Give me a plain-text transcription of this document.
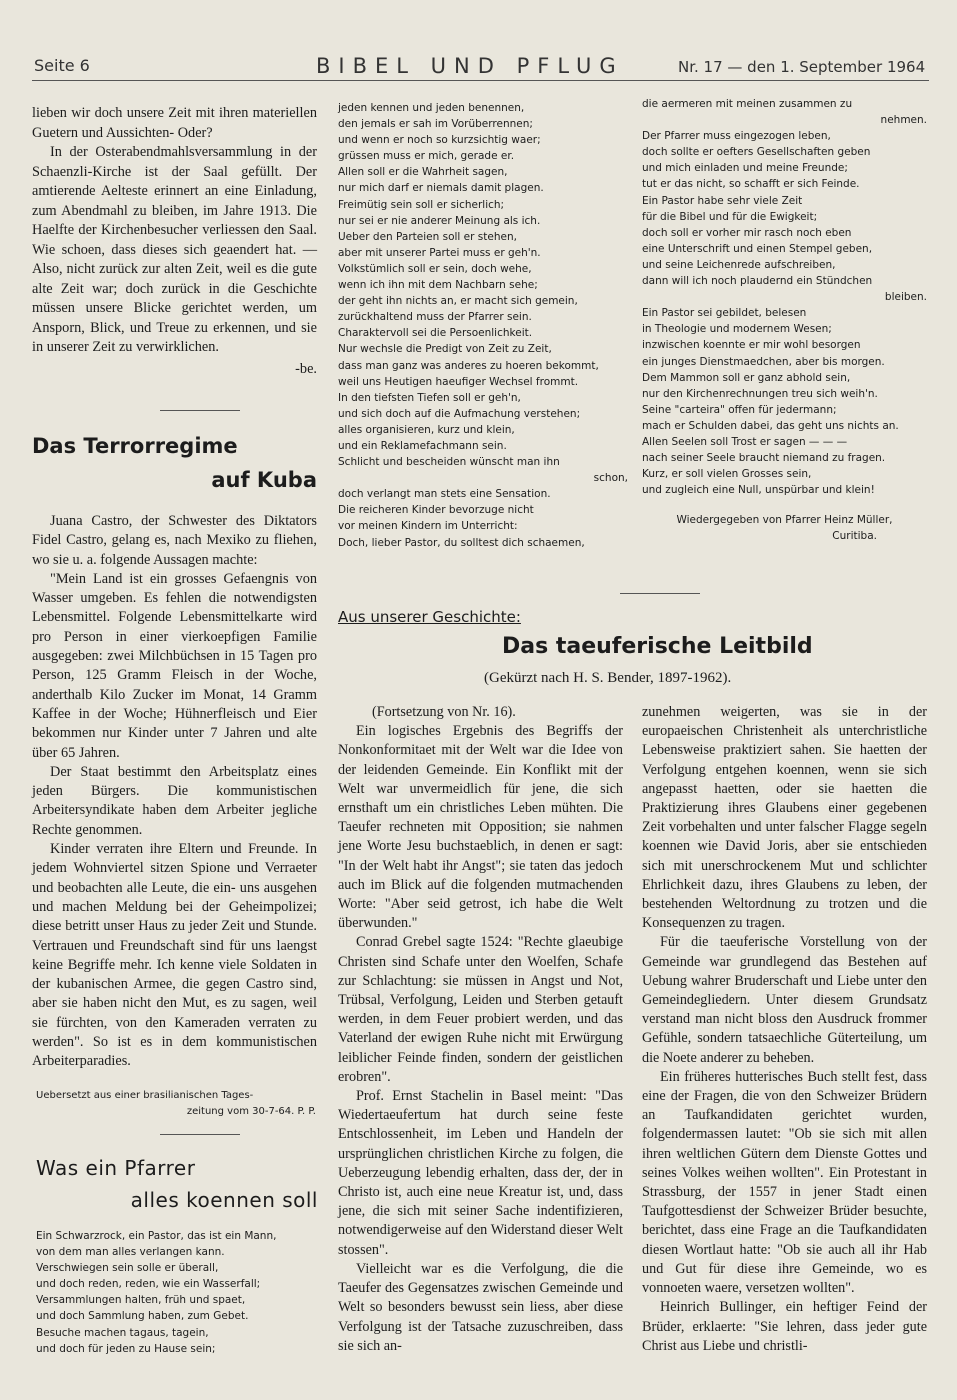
Seite 6	BIBEL UND PFLUG	Nr. 17 — den 1. September 1964

lieben wir doch unsere Zeit mit ihren materiellen Guetern und Aussichten- Oder?

In der Osterabendmahlsversammlung in der Schaenzli-Kirche ist der Saal gefüllt. Der amtierende Aelteste erinnert an eine Einladung, zum Abendmahl zu bleiben, im Jahre 1913. Die Haelfte der Kirchenbesucher verliessen den Saal. Wie schoen, dass dieses sich geaendert hat. — Also, nicht zurück zur alten Zeit, weil es die gute alte Zeit war; doch zurück in die Geschichte müssen unsere Blicke gerichtet werden, um Ansporn, Blick, und Treue zu erkennen, und sie in unserer Zeit zu verwirklichen.

-be.

Das Terrorregime

auf Kuba

Juana Castro, der Schwester des Diktators Fidel Castro, gelang es, nach Mexiko zu fliehen, wo sie u. a. folgende Aussagen machte:

"Mein Land ist ein grosses Gefaengnis von Wasser umgeben. Es fehlen die notwendigsten Lebensmittel. Folgende Lebensmittelkarte wird pro Person in einer vierkoepfigen Familie ausgegeben: zwei Milchbüchsen in 15 Tagen pro Person, 125 Gramm Fleisch in der Woche, anderthalb Kilo Zucker im Monat, 14 Gramm Kaffee in der Woche; Hühnerfleisch und Eier bekommen nur Kinder unter 7 Jahren und alte über 65 Jahren.

Der Staat bestimmt den Arbeitsplatz eines jeden Bürgers. Die kommunistischen Arbeitersyndikate haben dem Arbeiter jegliche Rechte genommen.

Kinder verraten ihre Eltern und Freunde. In jedem Wohnviertel sitzen Spione und Verraeter und beobachten alle Leute, die ein- uns ausgehen und machen Meldung bei der Geheimpolizei; diese betritt unser Haus zu jeder Zeit und Stunde. Vertrauen und Freundschaft sind für uns laengst keine Begriffe mehr. Ich kenne viele Soldaten in der kubanischen Armee, die gegen Castro sind, aber sie haben nicht den Mut, es zu sagen, weil sie fürchten, von den Kameraden verraten zu werden". So ist es in dem kommunistischen Arbeiterparadies.

Uebersetzt aus einer brasilianischen Tages-

zeitung vom 30-7-64. P. P.

Was ein Pfarrer

alles koennen soll

Ein Schwarzrock, ein Pastor, das ist ein Mann,

von dem man alles verlangen kann.

Verschwiegen sein solle er überall,

und doch reden, reden, wie ein Wasserfall;

Versammlungen halten, früh und spaet,

und doch Sammlung haben, zum Gebet.

Besuche machen tagaus, tagein,

und doch für jeden zu Hause sein;

jeden kennen und jeden benennen,

den jemals er sah im Vorüberrennen;

und wenn er noch so kurzsichtig waer;

grüssen muss er mich, gerade er.

Allen soll er die Wahrheit sagen,

nur mich darf er niemals damit plagen.

Freimütig sein soll er sicherlich;

nur sei er nie anderer Meinung als ich.

Ueber den Parteien soll er stehen,

aber mit unserer Partei muss er geh'n.

Volkstümlich soll er sein, doch wehe,

wenn ich ihn mit dem Nachbarn sehe;

der geht ihn nichts an, er macht sich gemein,

zurückhaltend muss der Pfarrer sein.

Charaktervoll sei die Persoenlichkeit.

Nur wechsle die Predigt von Zeit zu Zeit,

dass man ganz was anderes zu hoeren bekommt,

weil uns Heutigen haeufiger Wechsel frommt.

In den tiefsten Tiefen soll er geh'n,

und sich doch auf die Aufmachung verstehen;

alles organisieren, kurz und klein,

und ein Reklamefachmann sein.

Schlicht und bescheiden wünscht man ihn

schon,

doch verlangt man stets eine Sensation.

Die reicheren Kinder bevorzuge nicht

vor meinen Kindern im Unterricht:

Doch, lieber Pastor, du solltest dich schaemen,

die aermeren mit meinen zusammen zu

nehmen.

Der Pfarrer muss eingezogen leben,

doch sollte er oefters Gesellschaften geben

und mich einladen und meine Freunde;

tut er das nicht, so schafft er sich Feinde.

Ein Pastor habe sehr viele Zeit

für die Bibel und für die Ewigkeit;

doch soll er vorher mir rasch noch eben

eine Unterschrift und einen Stempel geben,

und seine Leichenrede aufschreiben,

dann will ich noch plaudernd ein Stündchen

bleiben.

Ein Pastor sei gebildet, belesen

in Theologie und modernem Wesen;

inzwischen koennte er mir wohl besorgen

ein junges Dienstmaedchen, aber bis morgen.

Dem Mammon soll er ganz abhold sein,

nur den Kirchenrechnungen treu sich weih'n.

Seine "carteira" offen für jedermann;

mach er Schulden dabei, das geht uns nichts an.

Allen Seelen soll Trost er sagen — — —

nach seiner Seele braucht niemand zu fragen.

Kurz, er soll vielen Grosses sein,

und zugleich eine Null, unspürbar und klein!

Wiedergegeben von Pfarrer Heinz Müller,

Curitiba.

Aus unserer Geschichte:
Das taeuferische Leitbild
(Gekürzt nach H. S. Bender, 1897-1962).

(Fortsetzung von Nr. 16).

Ein logisches Ergebnis des Begriffs der Nonkonformitaet mit der Welt war die Idee von der leidenden Gemeinde. Ein Konflikt mit der Welt war unvermeidlich für jene, die sich ernsthaft um ein christliches Leben mühten. Die Taeufer rechneten mit Opposition; sie nahmen jene Worte Jesu buchstaeblich, in denen er sagt: "In der Welt habt ihr Angst"; sie taten das jedoch auch im Blick auf die folgenden mutmachenden Worte: "Aber seid getrost, ich habe die Welt überwunden."

Conrad Grebel sagte 1524: "Rechte glaeubige Christen sind Schafe unter den Woelfen, Schafe zur Schlachtung: sie müssen in Angst und Not, Trübsal, Verfolgung, Leiden und Sterben getauft werden, in dem Feuer probiert werden, und das Vaterland der ewigen Ruhe nicht mit Erwürgung leiblicher Feinde finden, sondern der geistlichen erobren".

Prof. Ernst Stachelin in Basel meint: "Das Wiedertaeufertum hat durch seine feste Entschlossenheit, im Leben und Handeln der ursprünglichen christlichen Kirche zu folgen, die Ueberzeugung lebendig erhalten, dass der, der in Christo ist, auch eine neue Kreatur ist, und, dass jene, die sich mit seiner Sache indentifizieren, notwendigerweise auf den Widerstand dieser Welt stossen".

Vielleicht war es die Verfolgung, die die Taeufer des Gegensatzes zwischen Gemeinde und Welt so besonders bewusst sein liess, aber diese Verfolgung ist der Tatsache zuzuschreiben, dass sie sich an-

zunehmen weigerten, was sie in der europaeischen Christenheit als unterchristliche Lebensweise praktiziert sahen. Sie haetten der Verfolgung entgehen koennen, wenn sie sich angepasst haetten, oder sie haetten die Praktizierung ihres Glaubens einer gegebenen Zeit vorbehalten und unter falscher Flagge segeln koennen wie David Joris, aber sie entschieden sich mit unerschrockenem Mut und schlichter Ehrlichkeit dazu, ihres Glaubens zu leben, der bestehenden Weltordnung zu trotzen und die Konsequenzen zu tragen.

Für die taeuferische Vorstellung von der Gemeinde war grundlegend das Bestehen auf Uebung wahrer Bruderschaft und Liebe unter den Gemeindegliedern. Unter diesem Grundsatz verstand man nicht bloss den Ausdruck frommer Gefühle, sondern tatsaechliche Güterteilung, um die Noete anderer zu beheben.

Ein früheres hutterisches Buch stellt fest, dass eine der Fragen, die von den Schweizer Brüdern an Taufkandidaten gerichtet wurden, folgendermassen lautet: "Ob sie sich mit allen ihren weltlichen Gütern dem Dienste Gottes und seines Volkes weihen wollten". Ein Protestant in Strassburg, der 1557 in jener Stadt einen Taufgottesdienst der Schweizer Brüder besuchte, berichtet, dass eine Frage an die Taufkandidaten diesen Wortlaut hatte: "Ob sie auch all ihr Hab und Gut für diese ihre Gemeinde, wo es vonnoeten waere, versetzen wollten".

Heinrich Bullinger, ein heftiger Feind der Brüder, erklaerte: "Sie lehren, dass jeder gute Christ aus Liebe und christli-
